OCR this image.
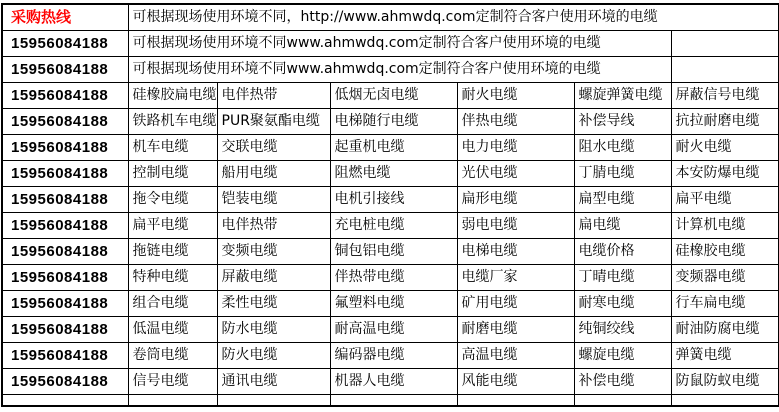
采购热线	可根据现场使用环境不同，http://www.ahmwdq.com定制符合客户使用环境的电缆					
15956084188	可根据现场使用环境不同www.ahmwdq.com定制符合客户使用环境的电缆					
15956084188	可根据现场使用环境不同www.ahmwdq.com定制符合客户使用环境的电缆					
15956084188	硅橡胶扁电缆	电伴热带	低烟无卤电缆	耐火电缆	螺旋弹簧电缆	屏蔽信号电缆
15956084188	铁路机车电缆	PUR聚氨酯电缆	电梯随行电缆	伴热电缆	补偿导线	抗拉耐磨电缆
15956084188	机车电缆	交联电缆	起重机电缆	电力电缆	阻水电缆	耐火电缆
15956084188	控制电缆	船用电缆	阻燃电缆	光伏电缆	丁腈电缆	本安防爆电缆
15956084188	拖令电缆	铠装电缆	电机引接线	扁形电缆	扁型电缆	扁平电缆
15956084188	扁平电缆	电伴热带	充电桩电缆	弱电电缆	扁电缆	计算机电缆
15956084188	拖链电缆	变频电缆	铜包铝电缆	电梯电缆	电缆价格	硅橡胶电缆
15956084188	特种电缆	屏蔽电缆	伴热带电缆	电缆厂家	丁晴电缆	变频器电缆
15956084188	组合电缆	柔性电缆	氟塑料电缆	矿用电缆	耐寒电缆	行车扁电缆
15956084188	低温电缆	防水电缆	耐高温电缆	耐磨电缆	纯铜绞线	耐油防腐电缆
15956084188	卷筒电缆	防火电缆	编码器电缆	高温电缆	螺旋电缆	弹簧电缆
15956084188	信号电缆	通讯电缆	机器人电缆	风能电缆	补偿电缆	防鼠防蚁电缆
